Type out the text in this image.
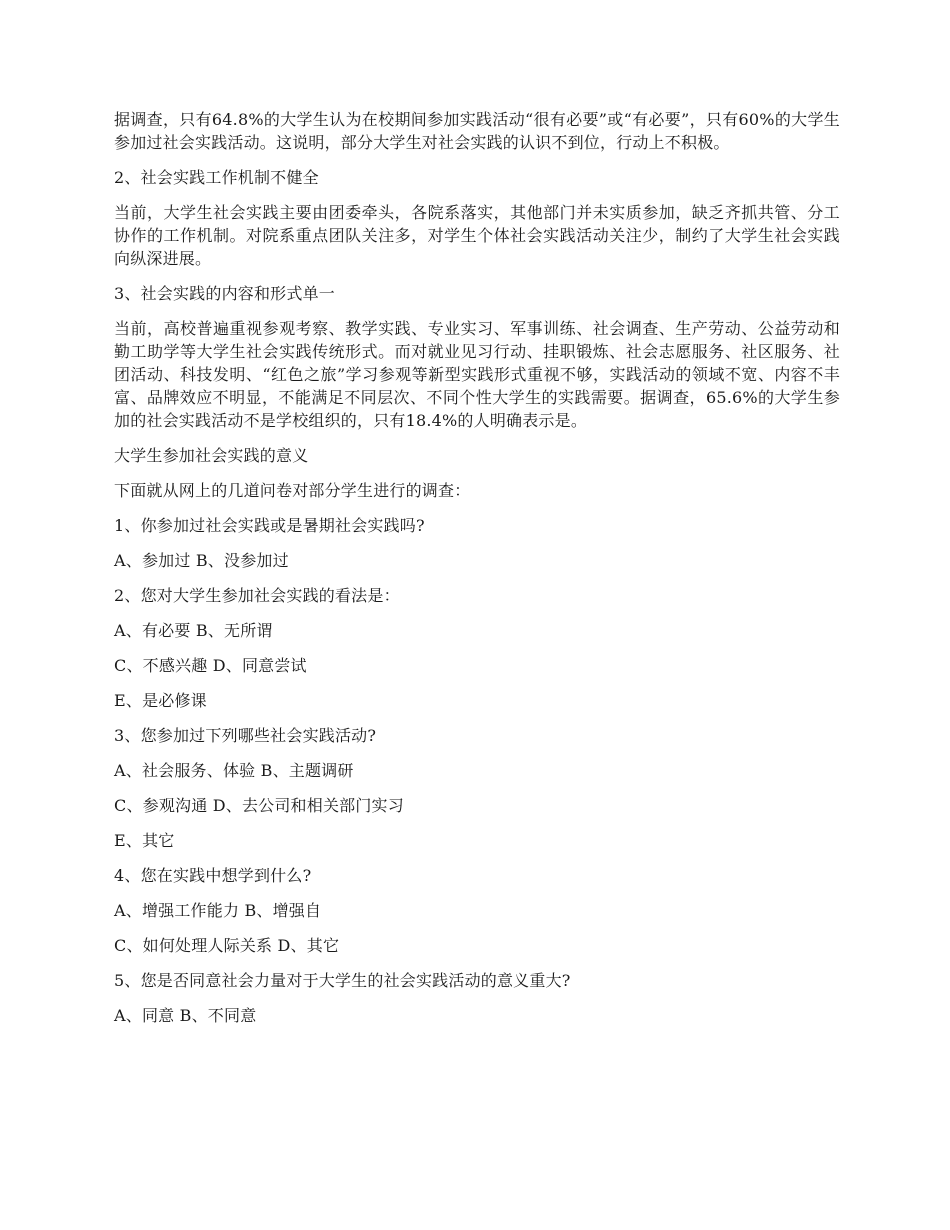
据调查，只有64.8%的大学生认为在校期间参加实践活动“很有必要”或“有必要”，只有60%的大学生参加过社会实践活动。这说明，部分大学生对社会实践的认识不到位，行动上不积极。

2、社会实践工作机制不健全

当前，大学生社会实践主要由团委牵头，各院系落实，其他部门并未实质参加，缺乏齐抓共管、分工协作的工作机制。对院系重点团队关注多，对学生个体社会实践活动关注少，制约了大学生社会实践向纵深进展。

3、社会实践的内容和形式单一

当前，高校普遍重视参观考察、教学实践、专业实习、军事训练、社会调查、生产劳动、公益劳动和勤工助学等大学生社会实践传统形式。而对就业见习行动、挂职锻炼、社会志愿服务、社区服务、社团活动、科技发明、“红色之旅”学习参观等新型实践形式重视不够，实践活动的领域不宽、内容不丰富、品牌效应不明显，不能满足不同层次、不同个性大学生的实践需要。据调查，65.6%的大学生参加的社会实践活动不是学校组织的，只有18.4%的人明确表示是。

大学生参加社会实践的意义

下面就从网上的几道问卷对部分学生进行的调查：

1、你参加过社会实践或是暑期社会实践吗?

A、参加过 B、没参加过

2、您对大学生参加社会实践的看法是：

A、有必要 B、无所谓

C、不感兴趣 D、同意尝试

E、是必修课

3、您参加过下列哪些社会实践活动?

A、社会服务、体验 B、主题调研

C、参观沟通 D、去公司和相关部门实习

E、其它

4、您在实践中想学到什么?

A、增强工作能力 B、增强自

C、如何处理人际关系 D、其它

5、您是否同意社会力量对于大学生的社会实践活动的意义重大?

A、同意 B、不同意
